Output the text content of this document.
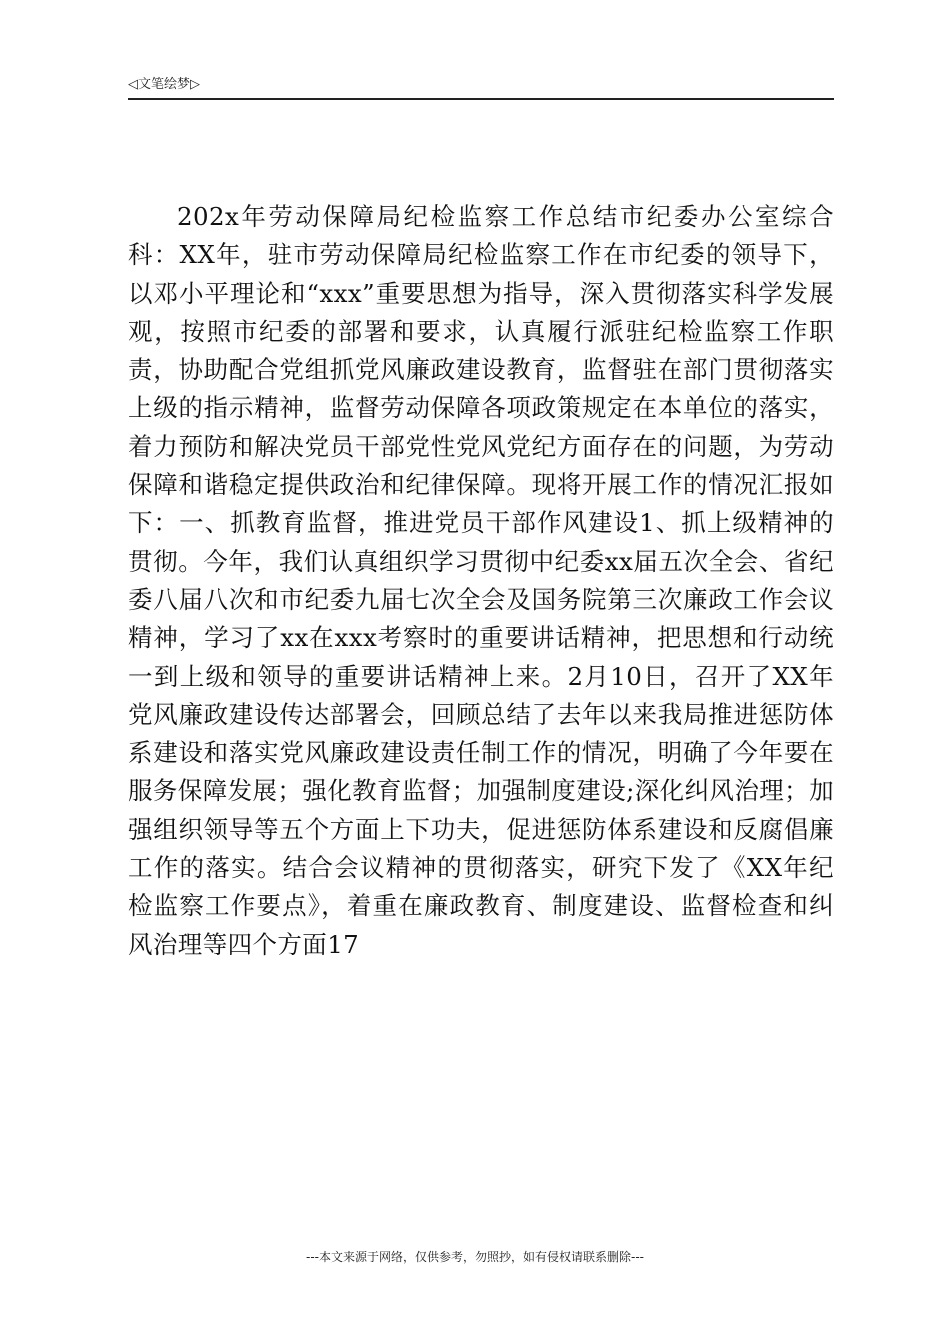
◁文笔绘梦▷

202x年劳动保障局纪检监察工作总结市纪委办公室综合科：XX年，驻市劳动保障局纪检监察工作在市纪委的领导下，以邓小平理论和“xxx”重要思想为指导，深入贯彻落实科学发展观，按照市纪委的部署和要求，认真履行派驻纪检监察工作职责，协助配合党组抓党风廉政建设教育，监督驻在部门贯彻落实上级的指示精神，监督劳动保障各项政策规定在本单位的落实，着力预防和解决党员干部党性党风党纪方面存在的问题，为劳动保障和谐稳定提供政治和纪律保障。现将开展工作的情况汇报如下：一、抓教育监督，推进党员干部作风建设1、抓上级精神的贯彻。今年，我们认真组织学习贯彻中纪委xx届五次全会、省纪委八届八次和市纪委九届七次全会及国务院第三次廉政工作会议精神，学习了xx在xxx考察时的重要讲话精神，把思想和行动统一到上级和领导的重要讲话精神上来。2月10日，召开了XX年党风廉政建设传达部署会，回顾总结了去年以来我局推进惩防体系建设和落实党风廉政建设责任制工作的情况，明确了今年要在服务保障发展；强化教育监督；加强制度建设;深化纠风治理；加强组织领导等五个方面上下功夫，促进惩防体系建设和反腐倡廉工作的落实。结合会议精神的贯彻落实，研究下发了《XX年纪检监察工作要点》，着重在廉政教育、制度建设、监督检查和纠风治理等四个方面17

---本文来源于网络，仅供参考，勿照抄，如有侵权请联系删除---
